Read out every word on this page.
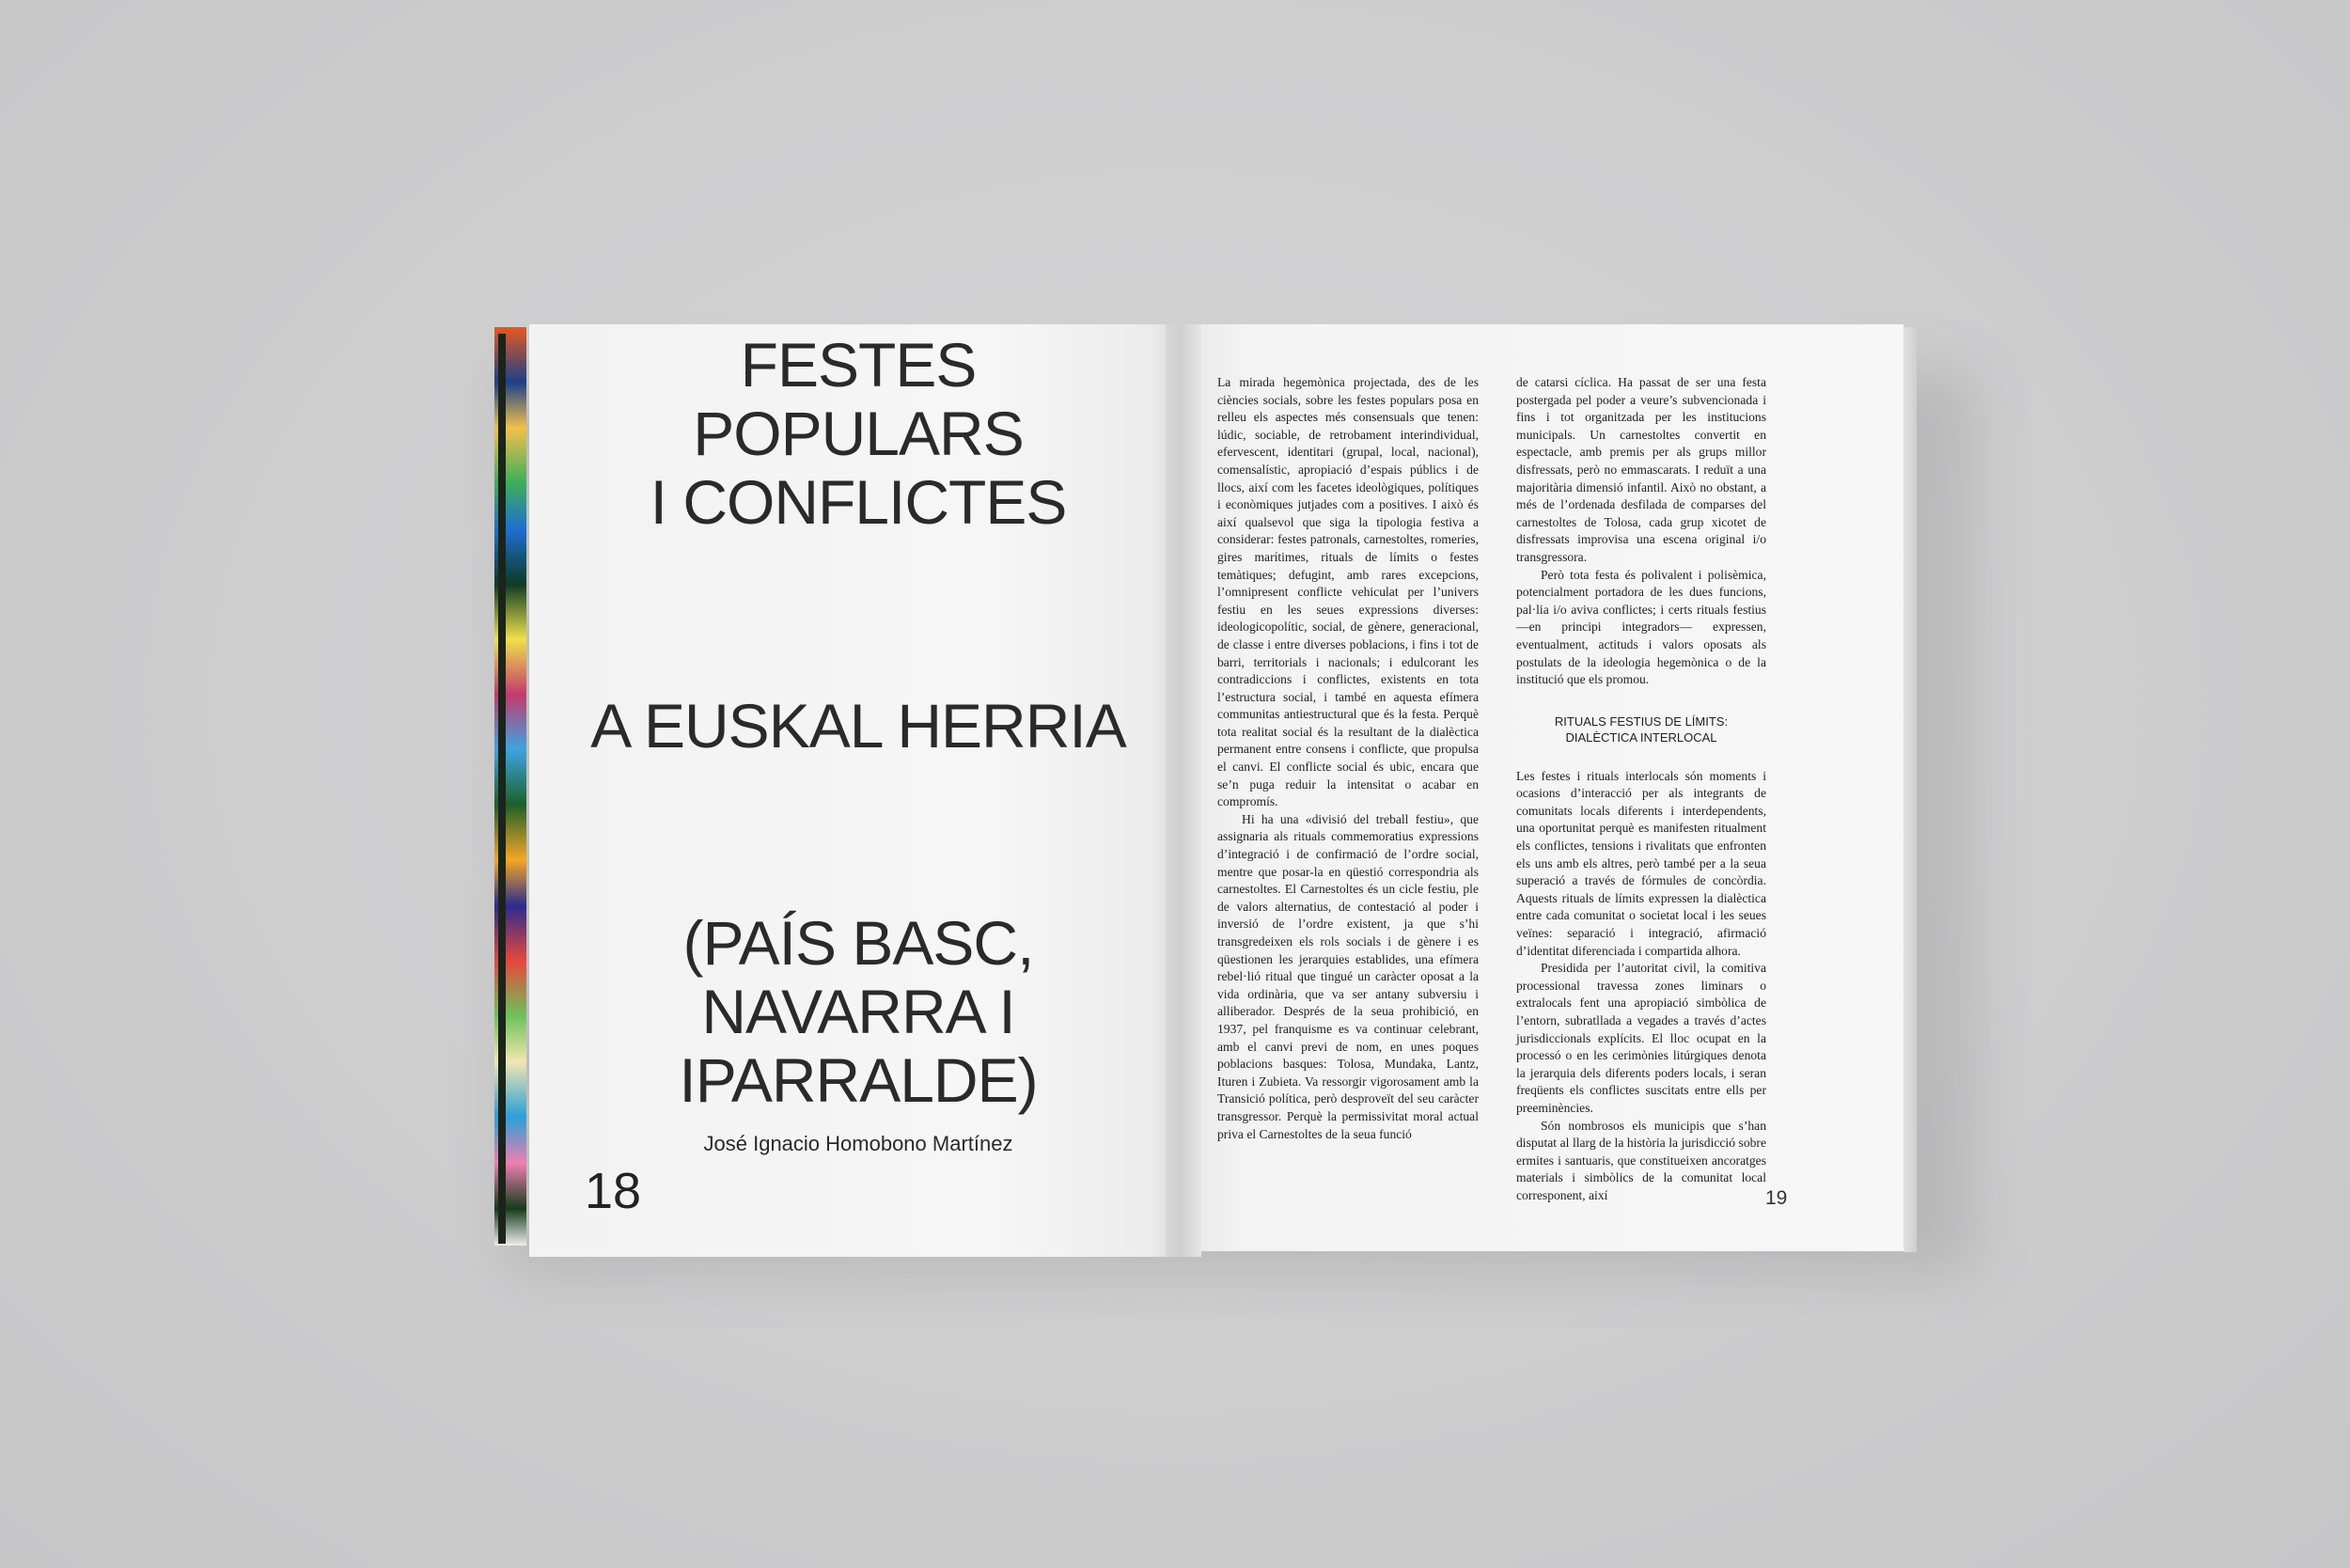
FESTES
POPULARS
I CONFLICTES
A EUSKAL HERRIA
(PAÍS BASC,
NAVARRA I
IPARRALDE)
José Ignacio Homobono Martínez
18

La mirada hegemònica projectada, des de les ciències socials, sobre les festes populars posa en relleu els aspectes més consensuals que tenen: lúdic, sociable, de retrobament interindividual, efervescent, identitari (grupal, local, nacional), comensalístic, apropiació d’espais públics i de llocs, així com les facetes ideològiques, polítiques i econòmiques jutjades com a positives. I això és així qualsevol que siga la tipologia festiva a considerar: festes patronals, carnestoltes, romeries, gires marítimes, rituals de límits o festes temàtiques; defugint, amb rares excepcions, l’omnipresent conflicte vehiculat per l’univers festiu en les seues expressions diverses: ideologicopolític, social, de gènere, generacional, de classe i entre diverses poblacions, i fins i tot de barri, territorials i nacionals; i edulcorant les contradiccions i conflictes, existents en tota l’estructura social, i també en aquesta efímera communitas antiestructural que és la festa. Perquè tota realitat social és la resultant de la dialèctica permanent entre consens i conflicte, que propulsa el canvi. El conflicte social és ubic, encara que se’n puga reduir la intensitat o acabar en compromís.

Hi ha una «divisió del treball festiu», que assignaria als rituals commemoratius expressions d’integració i de confirmació de l’ordre social, mentre que posar-la en qüestió correspondria als carnestoltes. El Carnestoltes és un cicle festiu, ple de valors alternatius, de contestació al poder i inversió de l’ordre existent, ja que s’hi transgredeixen els rols socials i de gènere i es qüestionen les jerarquies establides, una efímera rebel·lió ritual que tingué un caràcter oposat a la vida ordinària, que va ser antany subversiu i alliberador. Després de la seua prohibició, en 1937, pel franquisme es va continuar celebrant, amb el canvi previ de nom, en unes poques poblacions basques: Tolosa, Mundaka, Lantz, Ituren i Zubieta. Va ressorgir vigorosament amb la Transició política, però desproveït del seu caràcter transgressor. Perquè la permissivitat moral actual priva el Carnestoltes de la seua funció

de catarsi cíclica. Ha passat de ser una festa postergada pel poder a veure’s subvencionada i fins i tot organitzada per les institucions municipals. Un carnestoltes convertit en espectacle, amb premis per als grups millor disfressats, però no emmascarats. I reduït a una majoritària dimensió infantil. Això no obstant, a més de l’ordenada desfilada de comparses del carnestoltes de Tolosa, cada grup xicotet de disfressats improvisa una escena original i/o transgressora.

Però tota festa és polivalent i polisèmica, potencialment portadora de les dues funcions, pal·lia i/o aviva conflictes; i certs rituals festius —en principi integradors— expressen, eventualment, actituds i valors oposats als postulats de la ideologia hegemònica o de la institució que els promou.

RITUALS FESTIUS DE LÍMITS:
DIALÈCTICA INTERLOCAL

Les festes i rituals interlocals són moments i ocasions d’interacció per als integrants de comunitats locals diferents i interdependents, una oportunitat perquè es manifesten ritualment els conflictes, tensions i rivalitats que enfronten els uns amb els altres, però també per a la seua superació a través de fórmules de concòrdia. Aquests rituals de límits expressen la dialèctica entre cada comunitat o societat local i les seues veïnes: separació i integració, afirmació d’identitat diferenciada i compartida alhora.

Presidida per l’autoritat civil, la comitiva processional travessa zones liminars o extralocals fent una apropiació simbòlica de l’entorn, subratllada a vegades a través d’actes jurisdiccionals explícits. El lloc ocupat en la processó o en les cerimònies litúrgiques denota la jerarquia dels diferents poders locals, i seran freqüents els conflictes suscitats entre ells per preeminències.

Són nombrosos els municipis que s’han disputat al llarg de la història la jurisdicció sobre ermites i santuaris, que constitueixen ancoratges materials i simbòlics de la comunitat local corresponent, així	19
